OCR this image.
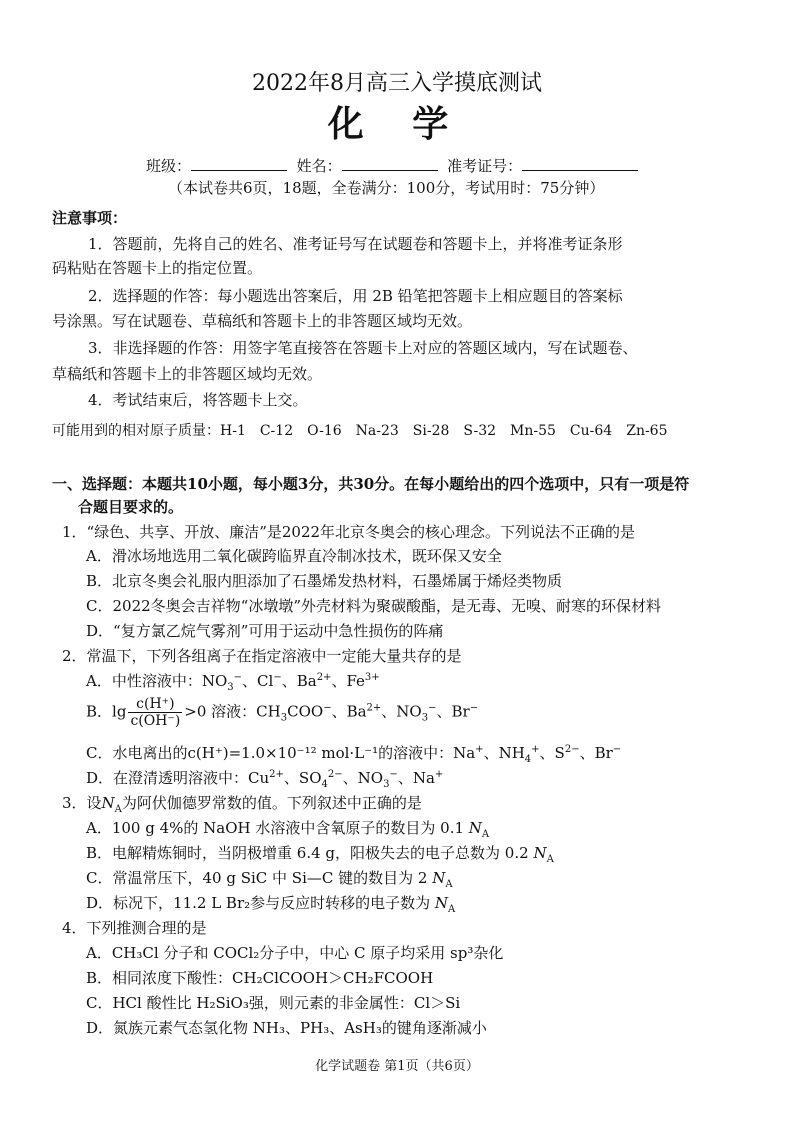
2022年8月高三入学摸底测试
化 学
班级：	姓名：	准考证号：
（本试卷共6页，18题，全卷满分：100分，考试用时：75分钟）
注意事项：
1．答题前，先将自己的姓名、准考证号写在试题卷和答题卡上，并将准考证条形
码粘贴在答题卡上的指定位置。
2．选择题的作答：每小题选出答案后，用 2B 铅笔把答题卡上相应题目的答案标
号涂黑。写在试题卷、草稿纸和答题卡上的非答题区域均无效。
3．非选择题的作答：用签字笔直接答在答题卡上对应的答题区域内，写在试题卷、
草稿纸和答题卡上的非答题区域均无效。
4．考试结束后，将答题卡上交。
可能用到的相对原子质量：H-1　C-12　O-16　Na-23　Si-28　S-32　Mn-55　Cu-64　Zn-65
一、选择题：本题共10小题，每小题3分，共30分。在每小题给出的四个选项中，只有一项是符
合题目要求的。
1．“绿色、共享、开放、廉洁”是2022年北京冬奥会的核心理念。下列说法不正确的是
A．滑冰场地选用二氧化碳跨临界直冷制冰技术，既环保又安全
B．北京冬奥会礼服内胆添加了石墨烯发热材料，石墨烯属于烯烃类物质
C．2022冬奥会吉祥物“冰墩墩”外壳材料为聚碳酸酯，是无毒、无嗅、耐寒的环保材料
D．“复方氯乙烷气雾剂”可用于运动中急性损伤的阵痛
2．常温下，下列各组离子在指定溶液中一定能大量共存的是
A．中性溶液中：$NO_3^-$、Cl−、$Ba^{2+}$、$Fe^{3+}$
B．$\lg \frac{c(H^+)}{c(OH^-)} >0$ 溶液：$CH_3COO^-$、$Ba^{2+}$、$NO_3^-$、Br−
C．水电离出的c(H⁺)=1.0×10⁻¹² mol·L⁻¹的溶液中：Na+、$NH_4^+$、$S^{2-}$、Br−
D．在澄清透明溶液中：$Cu^{2+}$、$SO_4^{2-}$、$NO_3^-$、Na+
3．设$N_A$为阿伏伽德罗常数的值。下列叙述中正确的是
A．100 g 4%的 NaOH 水溶液中含氧原子的数目为 0.1 $N_A$
B．电解精炼铜时，当阴极增重 6.4 g，阳极失去的电子总数为 0.2 $N_A$
C．常温常压下，40 g SiC 中 Si—C 键的数目为 2 $N_A$
D．标况下，11.2 L Br₂参与反应时转移的电子数为 $N_A$
4．下列推测合理的是
A．CH₃Cl 分子和 COCl₂分子中，中心 C 原子均采用 sp³杂化
B．相同浓度下酸性：CH₂ClCOOH＞CH₂FCOOH
C．HCl 酸性比 H₂SiO₃强，则元素的非金属性：Cl＞Si
D．氮族元素气态氢化物 NH₃、PH₃、AsH₃的键角逐渐减小
化学试题卷 第1页（共6页）
